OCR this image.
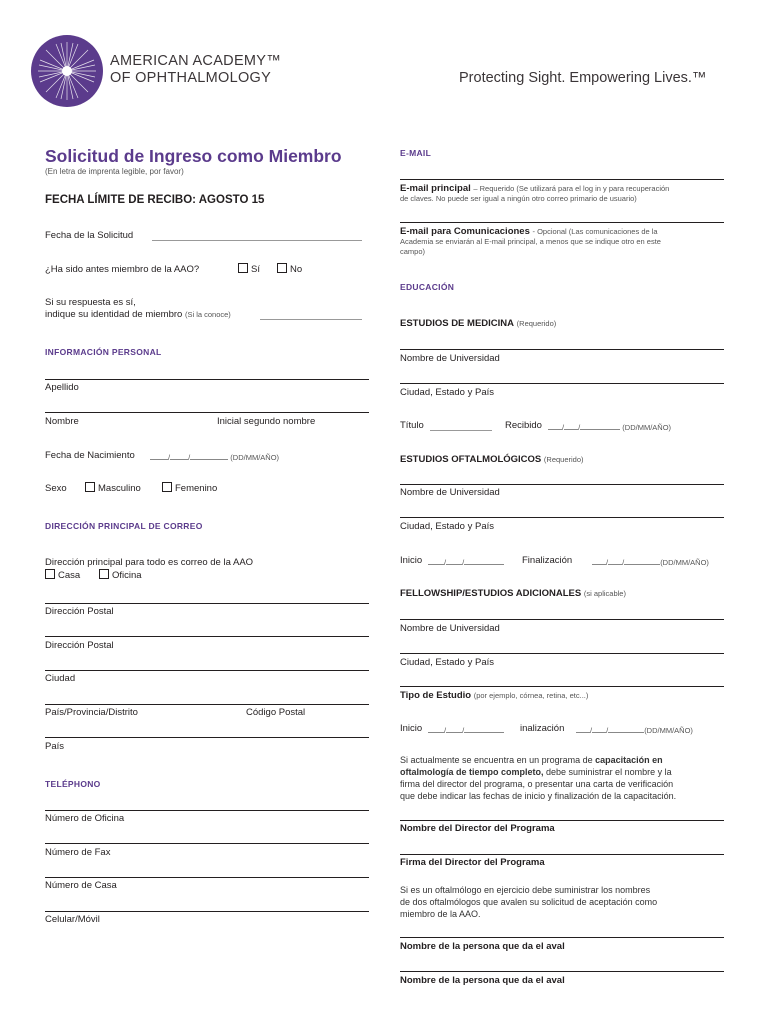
AMERICAN ACADEMY™
OF OPHTHALMOLOGY	Protecting Sight. Empowering Lives.™
Solicitud de Ingreso como Miembro
(En letra de imprenta legible, por favor)
FECHA LÍMITE DE RECIBO: AGOSTO 15
Fecha de la Solicitud
¿Ha sido antes miembro de la AAO?	Sí	No
Si su respuesta es sí,
indique su identidad de miembro (Si la conoce)
INFORMACIÓN PERSONAL
Apellido
Nombre	Inicial segundo nombre
Fecha de Nacimiento	/ /	(DD/MM/AÑO)
Sexo	Masculino	Femenino
DIRECCIÓN PRINCIPAL DE CORREO
Dirección principal para todo es correo de la AAO
Casa	Oficina
Dirección Postal
Dirección Postal
Ciudad
País/Provincia/Distrito	Código Postal
País
TELÉPHONO
Número de Oficina
Número de Fax
Número de Casa
Celular/Móvil
E-MAIL
E-mail principal – Requerido (Se utilizará para el log in y para recuperación
de claves. No puede ser igual a ningún otro correo primario de usuario)
E-mail para Comunicaciones - Opcional (Las comunicaciones de la
Academia se enviarán al E-mail principal, a menos que se indique otro en este
campo)
EDUCACIÓN
ESTUDIOS DE MEDICINA (Requerido)
Nombre de Universidad
Ciudad, Estado y País
Título	Recibido	/ /	(DD/MM/AÑO)
ESTUDIOS OFTALMOLÓGICOS (Requerido)
Nombre de Universidad
Ciudad, Estado y País
Inicio	/ /	Finalización	/ /	(DD/MM/AÑO)
FELLOWSHIP/ESTUDIOS ADICIONALES (si aplicable)
Nombre de Universidad
Ciudad, Estado y País
Tipo de Estudio (por ejemplo, córnea, retina, etc...)
Inicio	/ /	inalización	/ /	(DD/MM/AÑO)
Si actualmente se encuentra en un programa de capacitación en
oftalmología de tiempo completo, debe suministrar el nombre y la
firma del director del programa, o presentar una carta de verificación
que debe indicar las fechas de inicio y finalización de la capacitación.
Nombre del Director del Programa
Firma del Director del Programa
Si es un oftalmólogo en ejercicio debe suministrar los nombres
de dos oftalmólogos que avalen su solicitud de aceptación como
miembro de la AAO.
Nombre de la persona que da el aval
Nombre de la persona que da el aval
